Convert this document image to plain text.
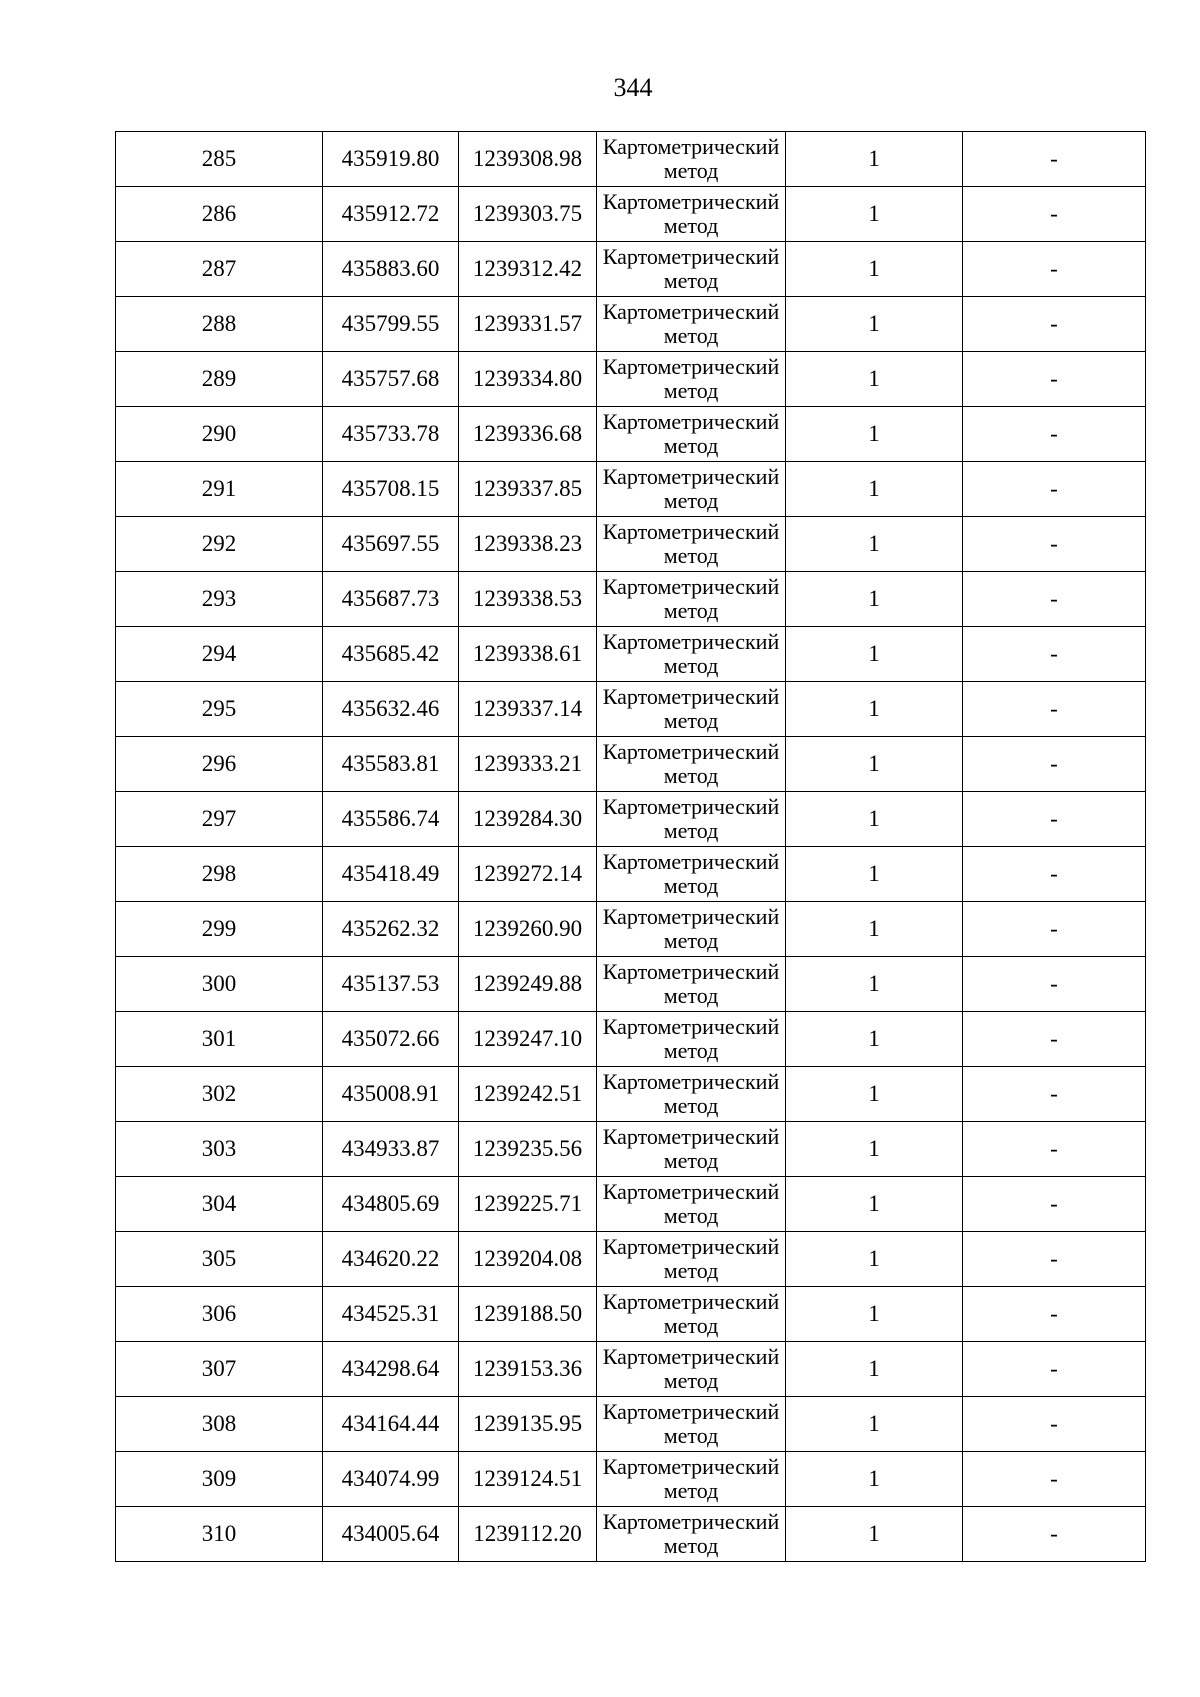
344
285	435919.80	1239308.98	Картометрический метод	1	-
286	435912.72	1239303.75	Картометрический метод	1	-
287	435883.60	1239312.42	Картометрический метод	1	-
288	435799.55	1239331.57	Картометрический метод	1	-
289	435757.68	1239334.80	Картометрический метод	1	-
290	435733.78	1239336.68	Картометрический метод	1	-
291	435708.15	1239337.85	Картометрический метод	1	-
292	435697.55	1239338.23	Картометрический метод	1	-
293	435687.73	1239338.53	Картометрический метод	1	-
294	435685.42	1239338.61	Картометрический метод	1	-
295	435632.46	1239337.14	Картометрический метод	1	-
296	435583.81	1239333.21	Картометрический метод	1	-
297	435586.74	1239284.30	Картометрический метод	1	-
298	435418.49	1239272.14	Картометрический метод	1	-
299	435262.32	1239260.90	Картометрический метод	1	-
300	435137.53	1239249.88	Картометрический метод	1	-
301	435072.66	1239247.10	Картометрический метод	1	-
302	435008.91	1239242.51	Картометрический метод	1	-
303	434933.87	1239235.56	Картометрический метод	1	-
304	434805.69	1239225.71	Картометрический метод	1	-
305	434620.22	1239204.08	Картометрический метод	1	-
306	434525.31	1239188.50	Картометрический метод	1	-
307	434298.64	1239153.36	Картометрический метод	1	-
308	434164.44	1239135.95	Картометрический метод	1	-
309	434074.99	1239124.51	Картометрический метод	1	-
310	434005.64	1239112.20	Картометрический метод	1	-
